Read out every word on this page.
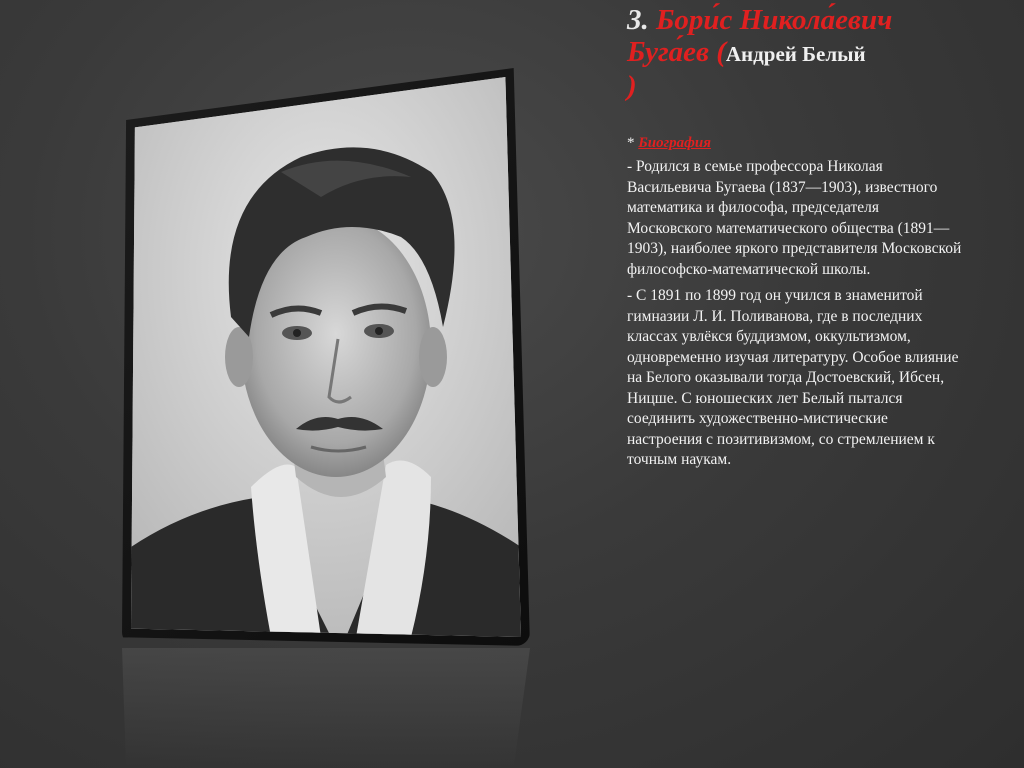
3. Бори́с Никола́евич Буга́ев (Андрей Белый
)
* Биография

- Родился в семье профессора Николая Васильевича Бугаева (1837—1903), известного математика и философа, председателя Московского математического общества (1891—1903), наиболее яркого представителя Московской философско-математической школы.

- С 1891 по 1899 год он учился в знаменитой гимназии Л. И. Поливанова, где в последних классах увлёкся буддизмом, оккультизмом, одновременно изучая литературу. Особое влияние на Белого оказывали тогда Достоевский, Ибсен, Ницше. С юношеских лет Белый пытался соединить художественно-мистические настроения с позитивизмом, со стремлением к точным наукам.
